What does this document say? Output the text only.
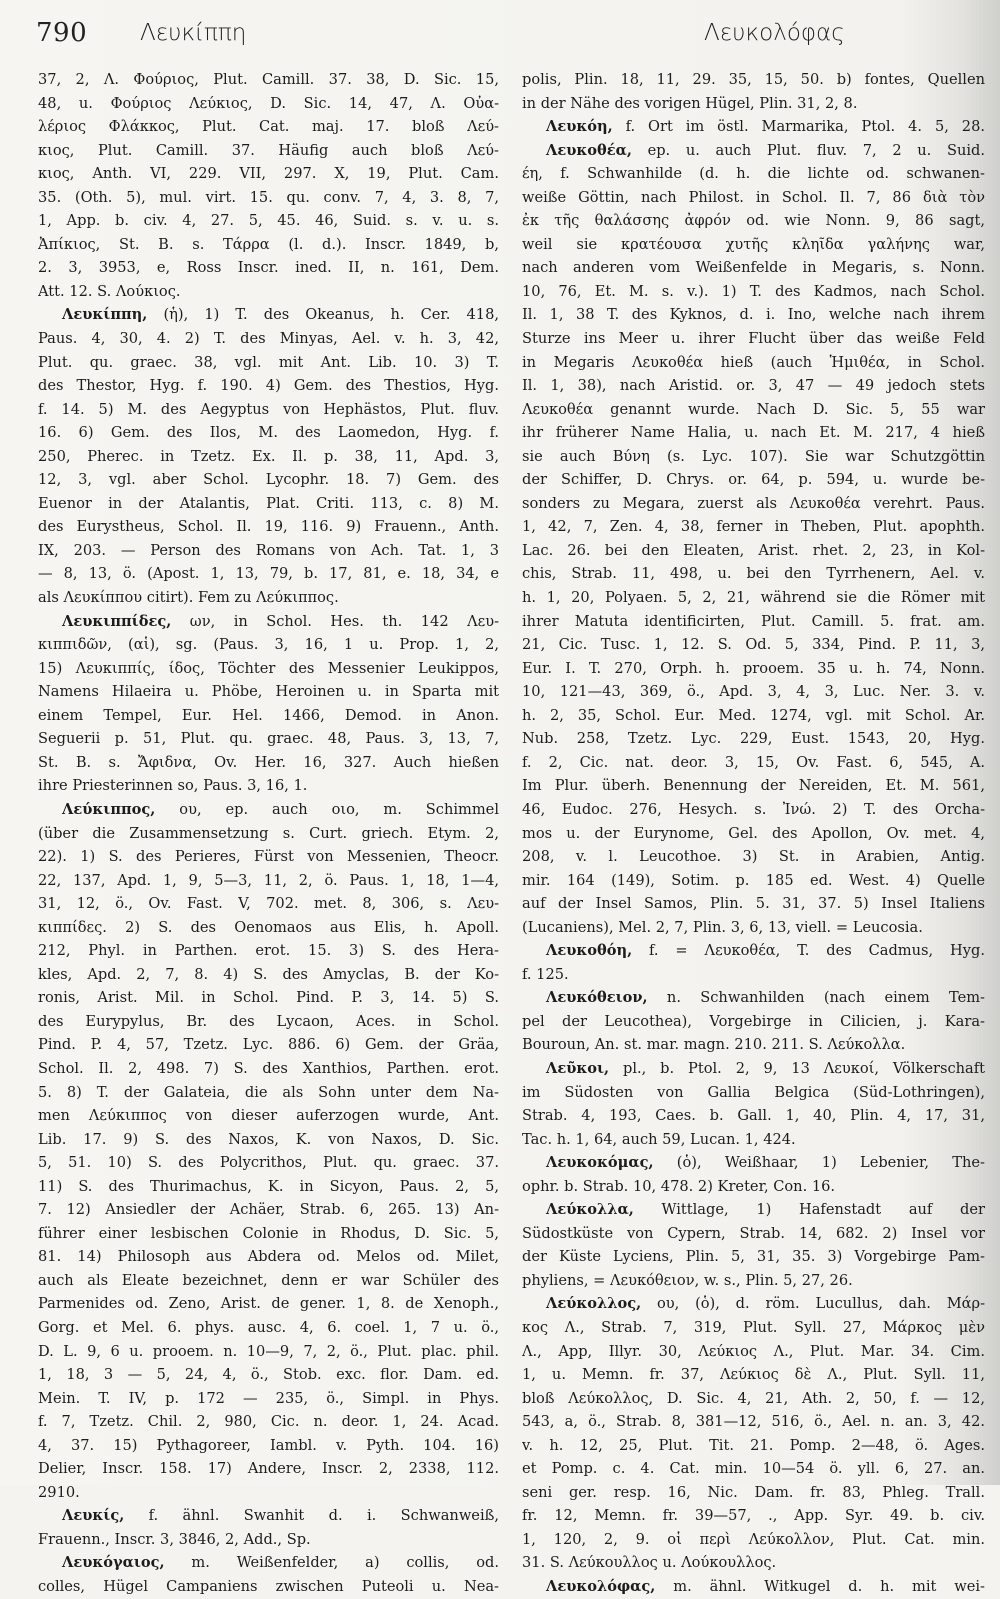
790 Λευκίππη	Λευκολόφας
37, 2, Λ. Φούριος, Plut. Camill. 37. 38, D. Sic. 15,
48, u. Φούριος Λεύκιος, D. Sic. 14, 47, Λ. Οὐα-
λέριος Φλάκκος, Plut. Cat. maj. 17. bloß Λεύ-
κιος, Plut. Camill. 37. Häufig auch bloß Λεύ-
κιος, Anth. VI, 229. VII, 297. X, 19, Plut. Cam.
35. (Oth. 5), mul. virt. 15. qu. conv. 7, 4, 3. 8, 7,
1, App. b. civ. 4, 27. 5, 45. 46, Suid. s. v. u. s.
Ἀπίκιος, St. B. s. Τάρρα (l. d.). Inscr. 1849, b,
2. 3, 3953, e, Ross Inscr. ined. II, n. 161, Dem.
Att. 12. S. Λούκιος.
Λευκίππη, (ἡ), 1) T. des Okeanus, h. Cer. 418,
Paus. 4, 30, 4. 2) T. des Minyas, Ael. v. h. 3, 42,
Plut. qu. graec. 38, vgl. mit Ant. Lib. 10. 3) T.
des Thestor, Hyg. f. 190. 4) Gem. des Thestios, Hyg.
f. 14. 5) M. des Aegyptus von Hephästos, Plut. fluv.
16. 6) Gem. des Ilos, M. des Laomedon, Hyg. f.
250, Pherec. in Tzetz. Ex. Il. p. 38, 11, Apd. 3,
12, 3, vgl. aber Schol. Lycophr. 18. 7) Gem. des
Euenor in der Atalantis, Plat. Criti. 113, c. 8) M.
des Eurystheus, Schol. Il. 19, 116. 9) Frauenn., Anth.
IX, 203. — Person des Romans von Ach. Tat. 1, 3
— 8, 13, ö. (Apost. 1, 13, 79, b. 17, 81, e. 18, 34, e
als Λευκίππου citirt). Fem zu Λεύκιππος.
Λευκιππίδες, ων, in Schol. Hes. th. 142 Λευ-
κιππιδῶν, (αἱ), sg. (Paus. 3, 16, 1 u. Prop. 1, 2,
15) Λευκιππίς, ίδος, Töchter des Messenier Leukippos,
Namens Hilaeira u. Phöbe, Heroinen u. in Sparta mit
einem Tempel, Eur. Hel. 1466, Demod. in Anon.
Seguerii p. 51, Plut. qu. graec. 48, Paus. 3, 13, 7,
St. B. s. Ἄφιδνα, Ov. Her. 16, 327. Auch hießen
ihre Priesterinnen so, Paus. 3, 16, 1.
Λεύκιππος, ου, ep. auch οιο, m. Schimmel
(über die Zusammensetzung s. Curt. griech. Etym. 2,
22). 1) S. des Perieres, Fürst von Messenien, Theocr.
22, 137, Apd. 1, 9, 5—3, 11, 2, ö. Paus. 1, 18, 1—4,
31, 12, ö., Ov. Fast. V, 702. met. 8, 306, s. Λευ-
κιππίδες. 2) S. des Oenomaos aus Elis, h. Apoll.
212, Phyl. in Parthen. erot. 15. 3) S. des Hera-
kles, Apd. 2, 7, 8. 4) S. des Amyclas, B. der Ko-
ronis, Arist. Mil. in Schol. Pind. P. 3, 14. 5) S.
des Eurypylus, Br. des Lycaon, Aces. in Schol.
Pind. P. 4, 57, Tzetz. Lyc. 886. 6) Gem. der Gräa,
Schol. Il. 2, 498. 7) S. des Xanthios, Parthen. erot.
5. 8) T. der Galateia, die als Sohn unter dem Na-
men Λεύκιππος von dieser auferzogen wurde, Ant.
Lib. 17. 9) S. des Naxos, K. von Naxos, D. Sic.
5, 51. 10) S. des Polycrithos, Plut. qu. graec. 37.
11) S. des Thurimachus, K. in Sicyon, Paus. 2, 5,
7. 12) Ansiedler der Achäer, Strab. 6, 265. 13) An-
führer einer lesbischen Colonie in Rhodus, D. Sic. 5,
81. 14) Philosoph aus Abdera od. Melos od. Milet,
auch als Eleate bezeichnet, denn er war Schüler des
Parmenides od. Zeno, Arist. de gener. 1, 8. de Xenoph.,
Gorg. et Mel. 6. phys. ausc. 4, 6. coel. 1, 7 u. ö.,
D. L. 9, 6 u. prooem. n. 10—9, 7, 2, ö., Plut. plac. phil.
1, 18, 3 — 5, 24, 4, ö., Stob. exc. flor. Dam. ed.
Mein. T. IV, p. 172 — 235, ö., Simpl. in Phys.
f. 7, Tzetz. Chil. 2, 980, Cic. n. deor. 1, 24. Acad.
4, 37. 15) Pythagoreer, Iambl. v. Pyth. 104. 16)
Delier, Inscr. 158. 17) Andere, Inscr. 2, 2338, 112.
2910.
Λευκίς, f. ähnl. Swanhit d. i. Schwanweiß,
Frauenn., Inscr. 3, 3846, 2, Add., Sp.
Λευκόγαιος, m. Weißenfelder, a) collis, od.
colles, Hügel Campaniens zwischen Puteoli u. Nea-
polis, Plin. 18, 11, 29. 35, 15, 50. b) fontes, Quellen
in der Nähe des vorigen Hügel, Plin. 31, 2, 8.
Λευκόη, f. Ort im östl. Marmarika, Ptol. 4. 5, 28.
Λευκοθέα, ep. u. auch Plut. fluv. 7, 2 u. Suid.
έη, f. Schwanhilde (d. h. die lichte od. schwanen-
weiße Göttin, nach Philost. in Schol. Il. 7, 86 διὰ τὸν
ἐκ τῆς θαλάσσης ἀφρόν od. wie Nonn. 9, 86 sagt,
weil sie κρατέουσα χυτῆς κληῖδα γαλήνης war,
nach anderen vom Weißenfelde in Megaris, s. Nonn.
10, 76, Et. M. s. v.). 1) T. des Kadmos, nach Schol.
Il. 1, 38 T. des Kyknos, d. i. Ino, welche nach ihrem
Sturze ins Meer u. ihrer Flucht über das weiße Feld
in Megaris Λευκοθέα hieß (auch Ἡμιθέα, in Schol.
Il. 1, 38), nach Aristid. or. 3, 47 — 49 jedoch stets
Λευκοθέα genannt wurde. Nach D. Sic. 5, 55 war
ihr früherer Name Halia, u. nach Et. M. 217, 4 hieß
sie auch Βύνη (s. Lyc. 107). Sie war Schutzgöttin
der Schiffer, D. Chrys. or. 64, p. 594, u. wurde be-
sonders zu Megara, zuerst als Λευκοθέα verehrt. Paus.
1, 42, 7, Zen. 4, 38, ferner in Theben, Plut. apophth.
Lac. 26. bei den Eleaten, Arist. rhet. 2, 23, in Kol-
chis, Strab. 11, 498, u. bei den Tyrrhenern, Ael. v.
h. 1, 20, Polyaen. 5, 2, 21, während sie die Römer mit
ihrer Matuta identificirten, Plut. Camill. 5. frat. am.
21, Cic. Tusc. 1, 12. S. Od. 5, 334, Pind. P. 11, 3,
Eur. I. T. 270, Orph. h. prooem. 35 u. h. 74, Nonn.
10, 121—43, 369, ö., Apd. 3, 4, 3, Luc. Ner. 3. v.
h. 2, 35, Schol. Eur. Med. 1274, vgl. mit Schol. Ar.
Nub. 258, Tzetz. Lyc. 229, Eust. 1543, 20, Hyg.
f. 2, Cic. nat. deor. 3, 15, Ov. Fast. 6, 545, A.
Im Plur. überh. Benennung der Nereiden, Et. M. 561,
46, Eudoc. 276, Hesych. s. Ἰνώ. 2) T. des Orcha-
mos u. der Eurynome, Gel. des Apollon, Ov. met. 4,
208, v. l. Leucothoe. 3) St. in Arabien, Antig.
mir. 164 (149), Sotim. p. 185 ed. West. 4) Quelle
auf der Insel Samos, Plin. 5. 31, 37. 5) Insel Italiens
(Lucaniens), Mel. 2, 7, Plin. 3, 6, 13, viell. = Leucosia.
Λευκοθόη, f. = Λευκοθέα, T. des Cadmus, Hyg.
f. 125.
Λευκόθειον, n. Schwanhilden (nach einem Tem-
pel der Leucothea), Vorgebirge in Cilicien, j. Kara-
Bouroun, An. st. mar. magn. 210. 211. S. Λεύκολλα.
Λεῦκοι, pl., b. Ptol. 2, 9, 13 Λευκοί, Völkerschaft
im Südosten von Gallia Belgica (Süd-Lothringen),
Strab. 4, 193, Caes. b. Gall. 1, 40, Plin. 4, 17, 31,
Tac. h. 1, 64, auch 59, Lucan. 1, 424.
Λευκοκόμας, (ὁ), Weißhaar, 1) Lebenier, The-
ophr. b. Strab. 10, 478. 2) Kreter, Con. 16.
Λεύκολλα, Wittlage, 1) Hafenstadt auf der
Südostküste von Cypern, Strab. 14, 682. 2) Insel vor
der Küste Lyciens, Plin. 5, 31, 35. 3) Vorgebirge Pam-
phyliens, = Λευκόθειον, w. s., Plin. 5, 27, 26.
Λεύκολλος, ου, (ὁ), d. röm. Lucullus, dah. Μάρ-
κος Λ., Strab. 7, 319, Plut. Syll. 27, Μάρκος μὲν
Λ., App, Illyr. 30, Λεύκιος Λ., Plut. Mar. 34. Cim.
1, u. Memn. fr. 37, Λεύκιος δὲ Λ., Plut. Syll. 11,
bloß Λεύκολλος, D. Sic. 4, 21, Ath. 2, 50, f. — 12,
543, a, ö., Strab. 8, 381—12, 516, ö., Ael. n. an. 3, 42.
v. h. 12, 25, Plut. Tit. 21. Pomp. 2—48, ö. Ages.
et Pomp. c. 4. Cat. min. 10—54 ö. yll. 6, 27. an.
seni ger. resp. 16, Nic. Dam. fr. 83, Phleg. Trall.
fr. 12, Memn. fr. 39—57, ., App. Syr. 49. b. civ.
1, 120, 2, 9. οἱ περὶ Λεύκολλον, Plut. Cat. min.
31. S. Λεύκουλλος u. Λούκουλλος.
Λευκολόφας, m. ähnl. Witkugel d. h. mit wei-
